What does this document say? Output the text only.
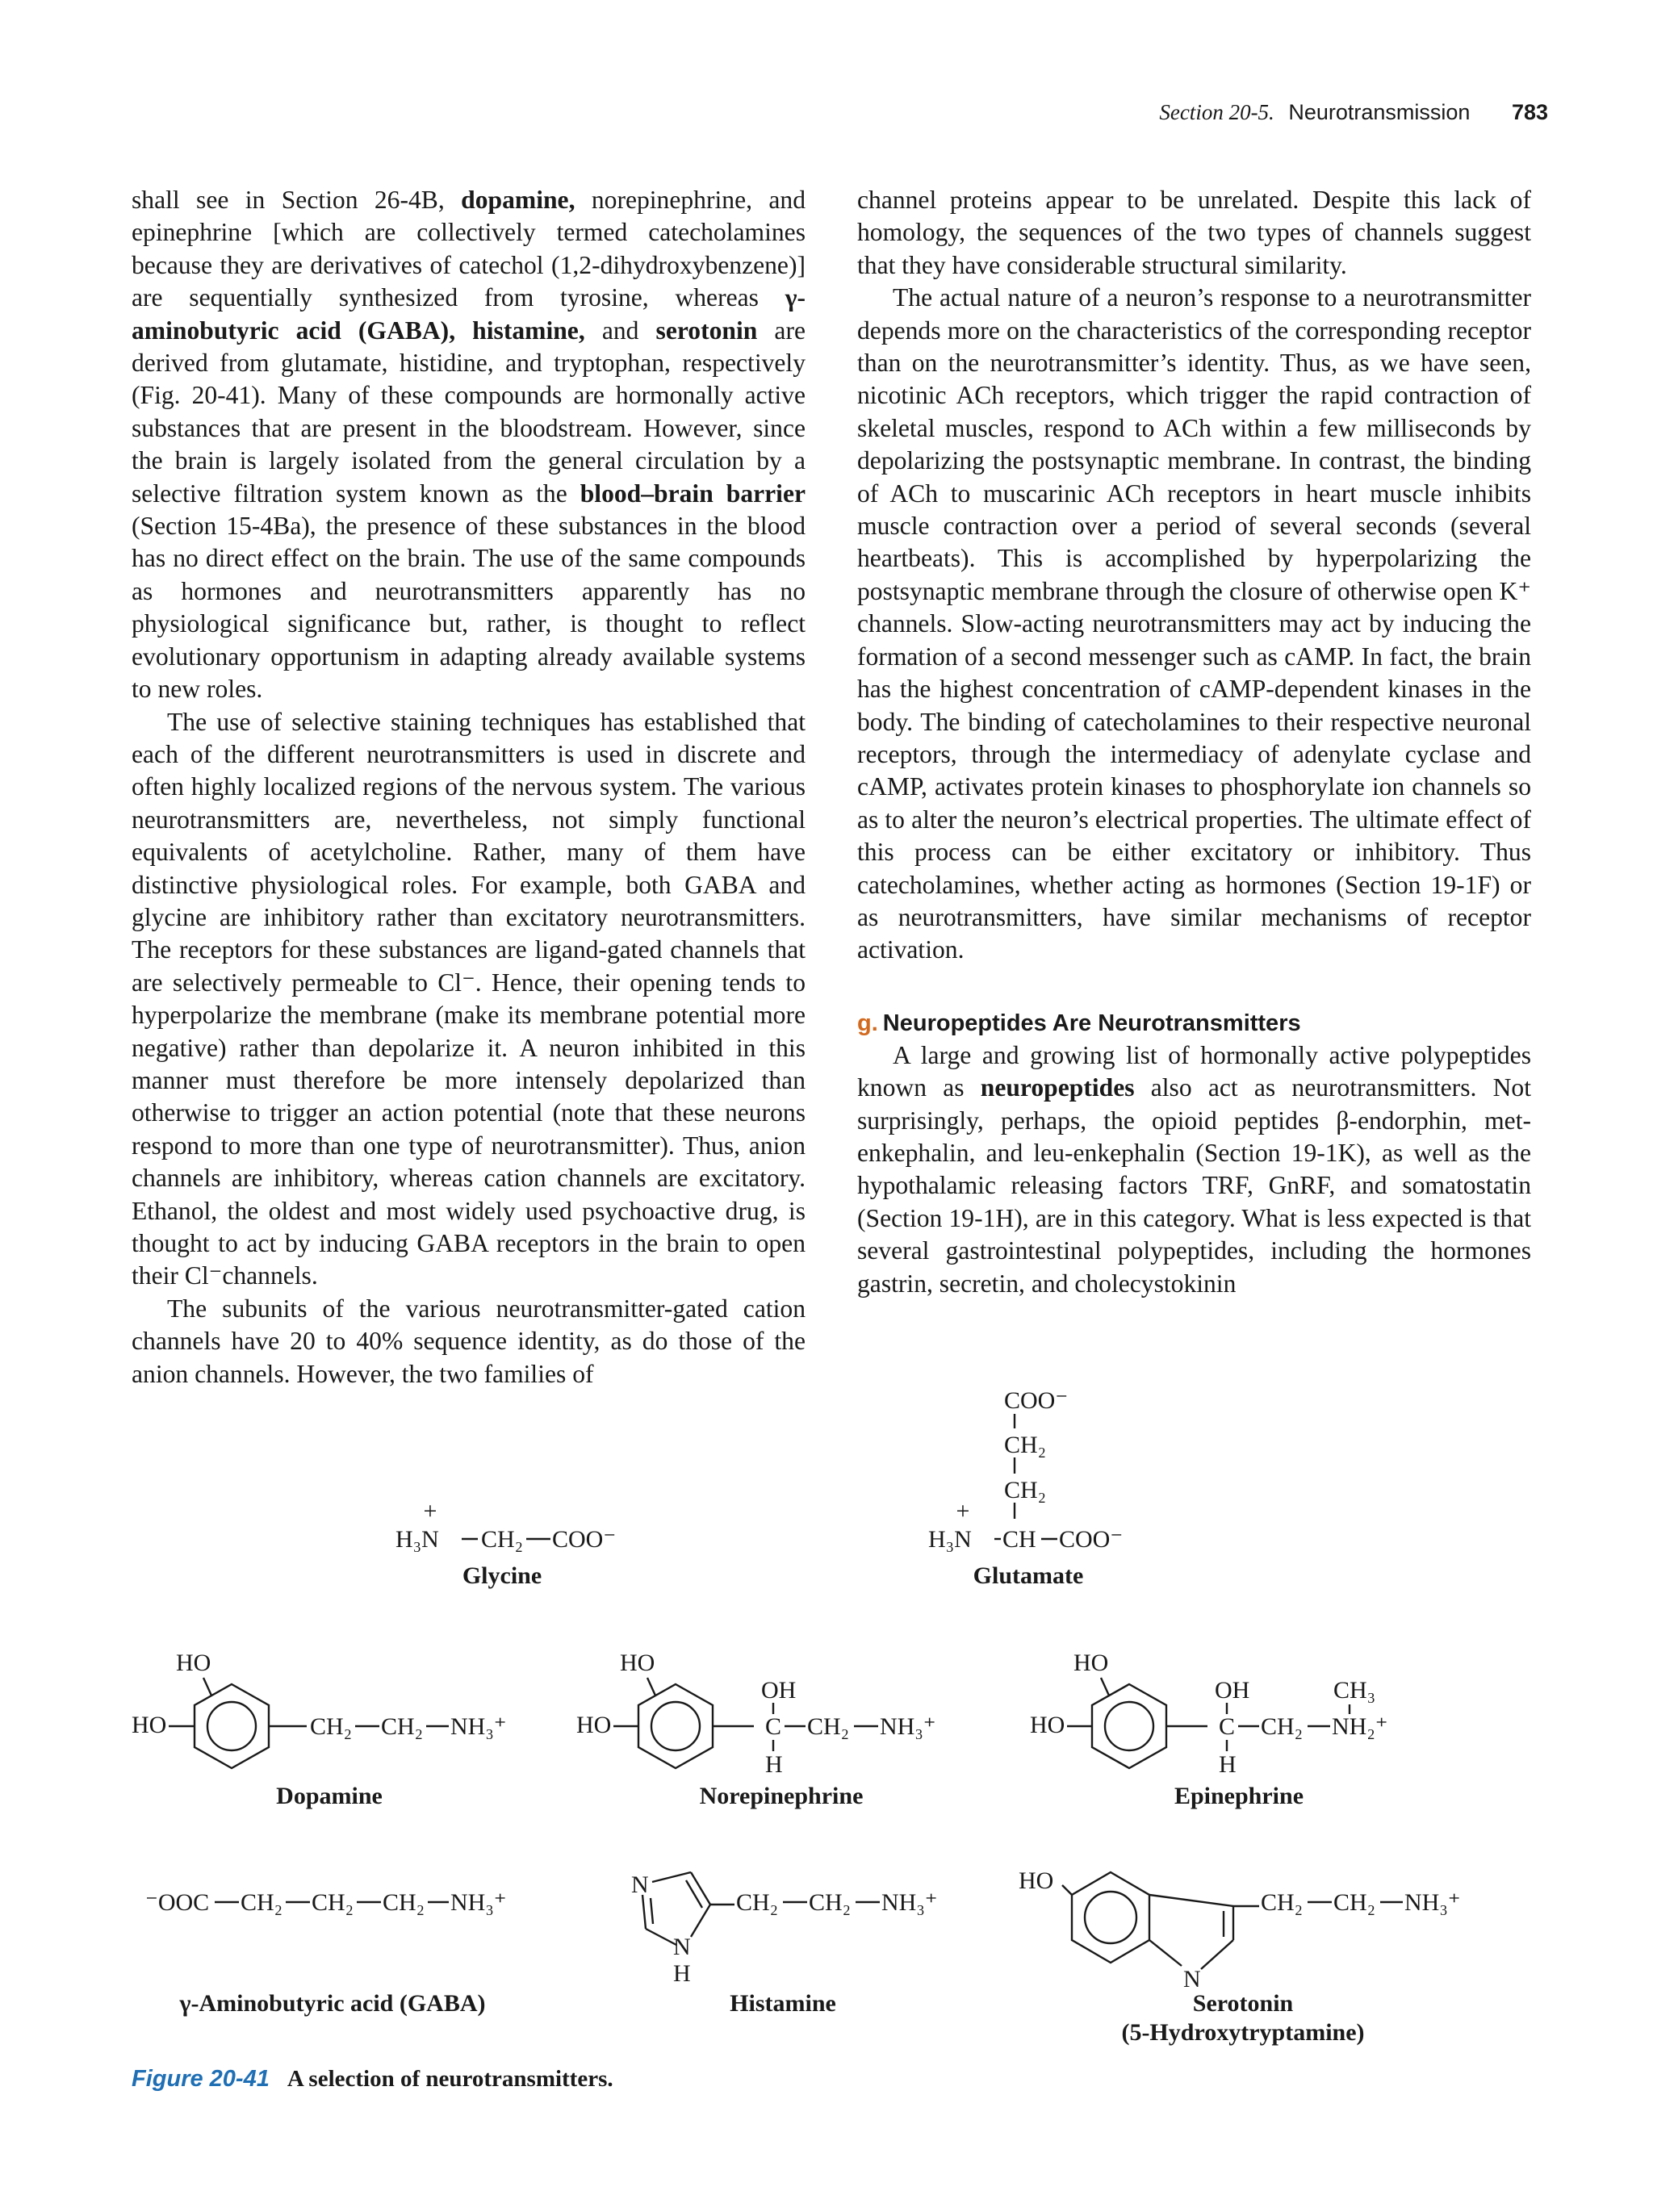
Section 20-5. Neurotransmission 783

shall see in Section 26-4B, dopamine, norepinephrine, and epinephrine [which are collectively termed catecholamines because they are derivatives of catechol (1,2-dihydroxybenzene)] are sequentially synthesized from tyrosine, whereas γ-aminobutyric acid (GABA), histamine, and serotonin are derived from glutamate, histidine, and tryptophan, respectively (Fig. 20-41). Many of these compounds are hormonally active substances that are present in the bloodstream. However, since the brain is largely isolated from the general circulation by a selective filtration system known as the blood–brain barrier (Section 15-4Ba), the presence of these substances in the blood has no direct effect on the brain. The use of the same compounds as hormones and neurotransmitters apparently has no physiological significance but, rather, is thought to reflect evolutionary opportunism in adapting already available systems to new roles.

The use of selective staining techniques has established that each of the different neurotransmitters is used in discrete and often highly localized regions of the nervous system. The various neurotransmitters are, nevertheless, not simply functional equivalents of acetylcholine. Rather, many of them have distinctive physiological roles. For example, both GABA and glycine are inhibitory rather than excitatory neurotransmitters. The receptors for these substances are ligand-gated channels that are selectively permeable to Cl⁻. Hence, their opening tends to hyperpolarize the membrane (make its membrane potential more negative) rather than depolarize it. A neuron inhibited in this manner must therefore be more intensely depolarized than otherwise to trigger an action potential (note that these neurons respond to more than one type of neurotransmitter). Thus, anion channels are inhibitory, whereas cation channels are excitatory. Ethanol, the oldest and most widely used psychoactive drug, is thought to act by inducing GABA receptors in the brain to open their Cl⁻channels.

The subunits of the various neurotransmitter-gated cation channels have 20 to 40% sequence identity, as do those of the anion channels. However, the two families of

channel proteins appear to be unrelated. Despite this lack of homology, the sequences of the two types of channels suggest that they have considerable structural similarity.

The actual nature of a neuron’s response to a neurotransmitter depends more on the characteristics of the corresponding receptor than on the neurotransmitter’s identity. Thus, as we have seen, nicotinic ACh receptors, which trigger the rapid contraction of skeletal muscles, respond to ACh within a few milliseconds by depolarizing the postsynaptic membrane. In contrast, the binding of ACh to muscarinic ACh receptors in heart muscle inhibits muscle contraction over a period of several seconds (several heartbeats). This is accomplished by hyperpolarizing the postsynaptic membrane through the closure of otherwise open K⁺ channels. Slow-acting neurotransmitters may act by inducing the formation of a second messenger such as cAMP. In fact, the brain has the highest concentration of cAMP-dependent kinases in the body. The binding of catecholamines to their respective neuronal receptors, through the intermediacy of adenylate cyclase and cAMP, activates protein kinases to phosphorylate ion channels so as to alter the neuron’s electrical properties. The ultimate effect of this process can be either excitatory or inhibitory. Thus catecholamines, whether acting as hormones (Section 19-1F) or as neurotransmitters, have similar mechanisms of receptor activation.

g. Neuropeptides Are Neurotransmitters

A large and growing list of hormonally active polypeptides known as neuropeptides also act as neurotransmitters. Not surprisingly, perhaps, the opioid peptides β-endorphin, met-enkephalin, and leu-enkephalin (Section 19-1K), as well as the hypothalamic releasing factors TRF, GnRF, and somatostatin (Section 19-1H), are in this category. What is less expected is that several gastrointestinal polypeptides, including the hormones gastrin, secretin, and cholecystokinin

+
H₃N CH₂ COO⁻
Glycine
COO⁻
CH₂
CH₂
+
H₃N CH COO⁻
Glutamate
HO
HO	CH₂ CH₂ NH₃⁺
Dopamine
HO
HO
OH
C
H
CH₂ NH₃⁺
Norepinephrine
HO
HO
OH
C
H
CH₂ NH₂⁺
CH₃
Epinephrine
⁻OOC CH₂ CH₂ CH₂ NH₃⁺
γ-Aminobutyric acid (GABA)
N
N
H
CH₂ CH₂ NH₃⁺
Histamine
HO
N
CH₂ CH₂ NH₃⁺
Serotonin
(5-Hydroxytryptamine)
Figure 20-41 A selection of neurotransmitters.
